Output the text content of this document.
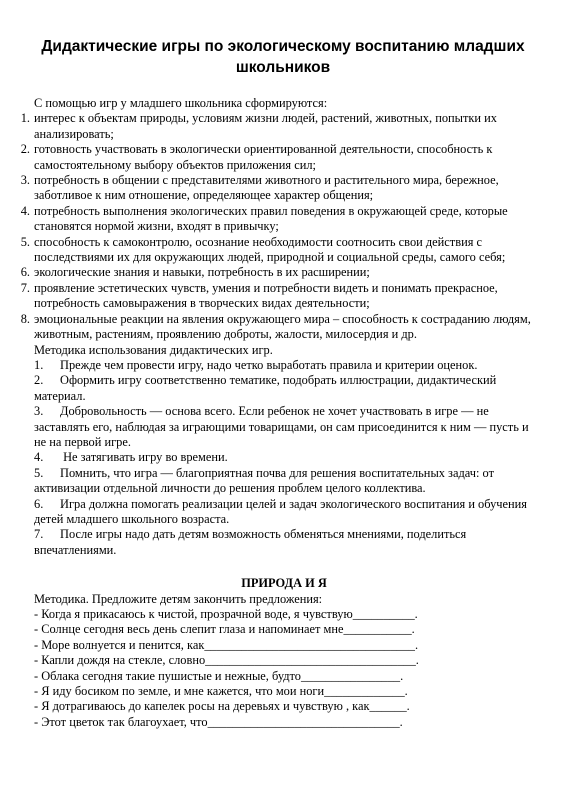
Дидактические игры по экологическому воспитанию младших школьников

С помощью игр у младшего школьника сформируются:

1. интерес к объектам природы, условиям жизни людей, растений, животных, попытки их анализировать;
2. готовность участвовать в экологически ориентированной деятельности, способность к самостоятельному выбору объектов приложения сил;
3. потребность в общении с представителями животного и растительного мира, бережное, заботливое к ним отношение, определяющее характер общения;
4. потребность выполнения экологических правил поведения в окружающей среде, которые становятся нормой жизни, входят в привычку;
5. способность к самоконтролю, осознание необходимости соотносить свои действия с последствиями их для окружающих людей, природной и социальной среды, самого себя;
6. экологические знания и навыки, потребность в их расширении;
7. проявление эстетических чувств, умения и потребности видеть и понимать прекрасное, потребность самовыражения в творческих видах деятельности;
8. эмоциональные реакции на явления окружающего мира – способность к состраданию людям, животным, растениям, проявлению доброты, жалости, милосердия и др.

Методика использования дидактических игр.

1. Прежде чем провести игру, надо четко выработать правила и критерии оценок.

2. Оформить игру соответственно тематике, подобрать иллюстрации, дидактический материал.

3. Добровольность — основа всего. Если ребенок не хочет участвовать в игре — не заставлять его, наблюдая за играющими товарищами, он сам присоединится к ним — пусть и не на первой игре.

4. Не затягивать игру во времени.

5. Помнить, что игра — благоприятная почва для решения воспитательных задач: от активизации отдельной личности до решения проблем целого коллектива.

6. Игра должна помогать реализации целей и задач экологического воспитания и обучения детей младшего школьного возраста.

7. После игры надо дать детям возможность обменяться мнениями, поделиться впечатлениями.

ПРИРОДА И Я

Методика. Предложите детям закончить предложения:

- Когда я прикасаюсь к чистой, прозрачной воде, я чувствую__________.

- Солнце сегодня весь день слепит глаза и напоминает мне___________.

- Море волнуется и пенится, как__________________________________.

- Капли дождя на стекле, словно__________________________________.

- Облака сегодня такие пушистые и нежные, будто________________.

- Я иду босиком по земле, и мне кажется, что мои ноги_____________.

- Я дотрагиваюсь до капелек росы на деревьях и чувствую , как______.

- Этот цветок так благоухает, что_______________________________.
